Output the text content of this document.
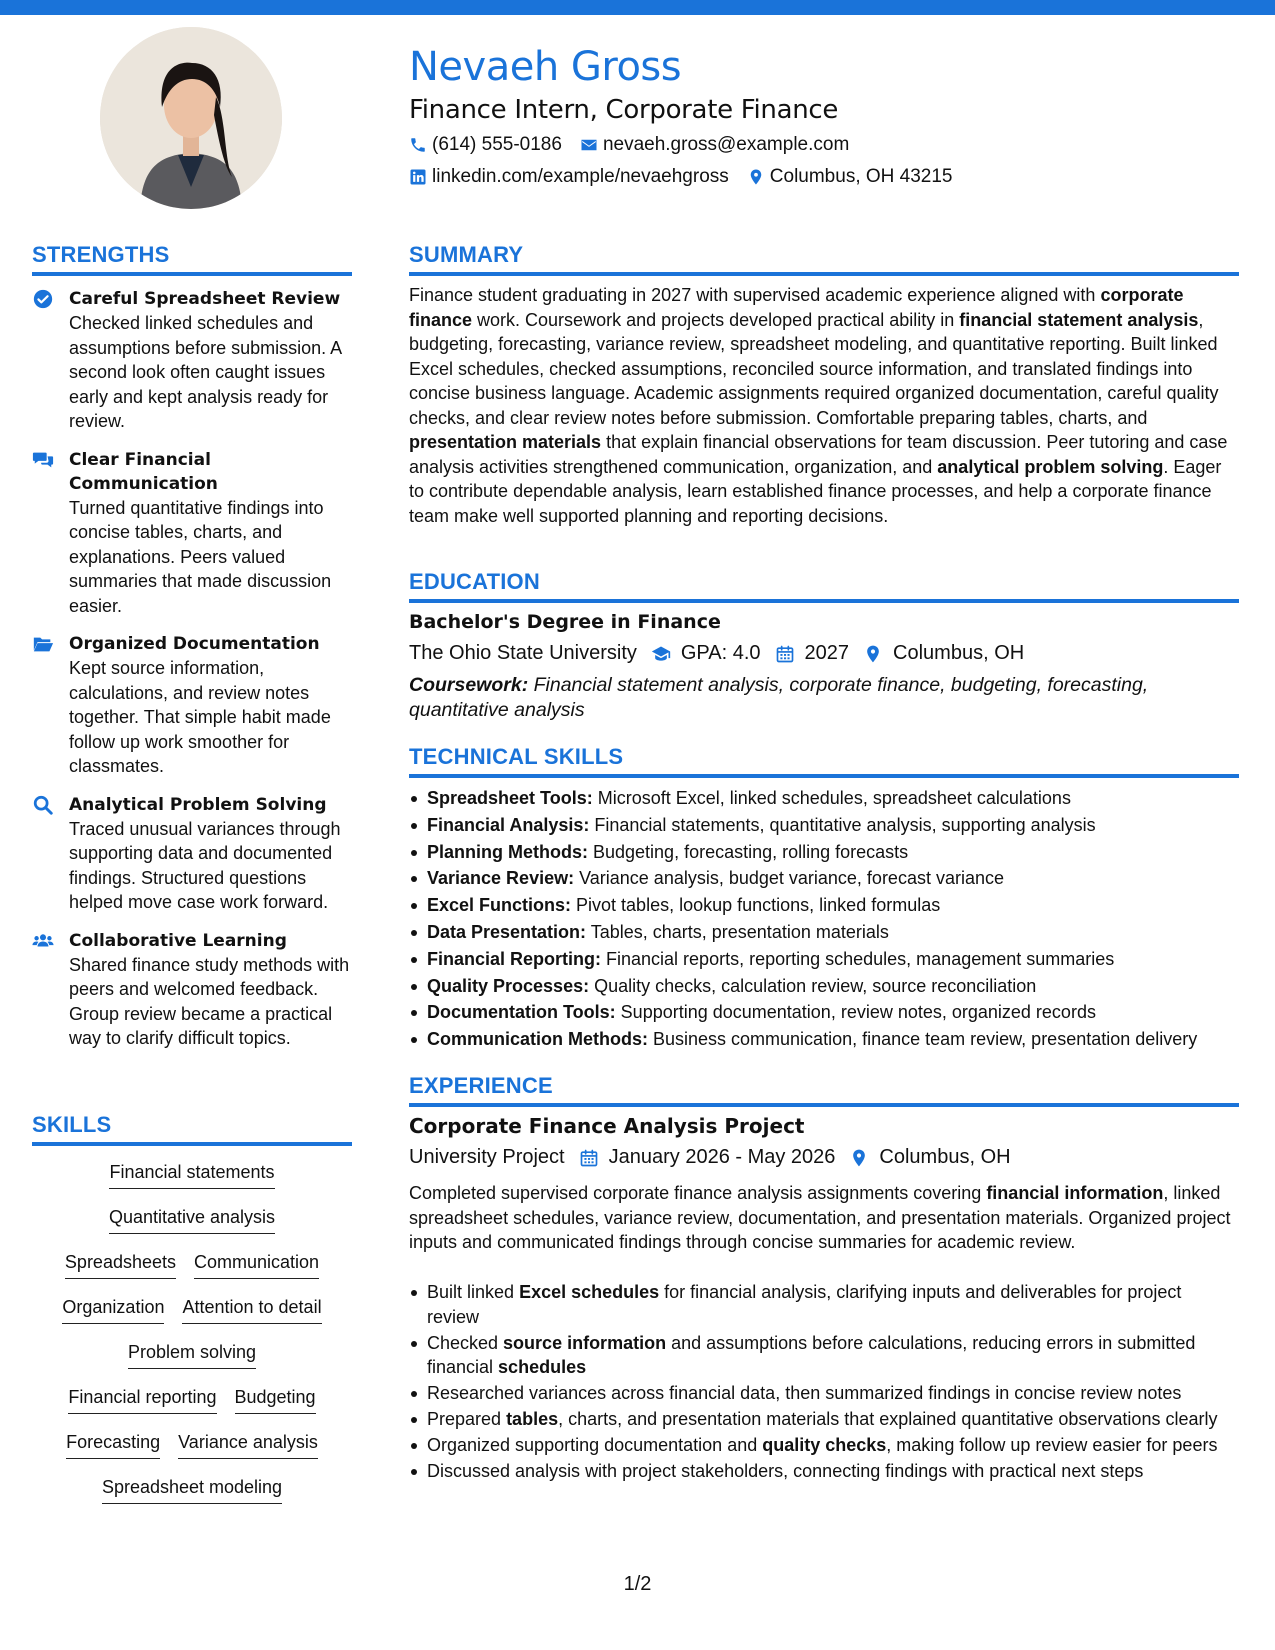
Nevaeh Gross
Finance Intern, Corporate Finance
(614) 555-0186 nevaeh.gross@example.com
linkedin.com/example/nevaehgross Columbus, OH 43215
STRENGTHS
Careful Spreadsheet Review
Checked linked schedules and assumptions before submission. A second look often caught issues early and kept analysis ready for review.
Clear Financial Communication
Turned quantitative findings into concise tables, charts, and explanations. Peers valued summaries that made discussion easier.
Organized Documentation
Kept source information, calculations, and review notes together. That simple habit made follow up work smoother for classmates.
Analytical Problem Solving
Traced unusual variances through supporting data and documented findings. Structured questions helped move case work forward.
Collaborative Learning
Shared finance study methods with peers and welcomed feedback. Group review became a practical way to clarify difficult topics.
SKILLS
Financial statements
Quantitative analysis
Spreadsheets Communication
Organization Attention to detail
Problem solving
Financial reporting Budgeting
Forecasting Variance analysis
Spreadsheet modeling
SUMMARY
Finance student graduating in 2027 with supervised academic experience aligned with corporate finance work. Coursework and projects developed practical ability in financial statement analysis, budgeting, forecasting, variance review, spreadsheet modeling, and quantitative reporting. Built linked Excel schedules, checked assumptions, reconciled source information, and translated findings into concise business language. Academic assignments required organized documentation, careful quality checks, and clear review notes before submission. Comfortable preparing tables, charts, and presentation materials that explain financial observations for team discussion. Peer tutoring and case analysis activities strengthened communication, organization, and analytical problem solving. Eager to contribute dependable analysis, learn established finance processes, and help a corporate finance team make well supported planning and reporting decisions.
EDUCATION
Bachelor's Degree in Finance
The Ohio State University GPA: 4.0 2027 Columbus, OH
Coursework: Financial statement analysis, corporate finance, budgeting, forecasting, quantitative analysis
TECHNICAL SKILLS
Spreadsheet Tools: Microsoft Excel, linked schedules, spreadsheet calculations
Financial Analysis: Financial statements, quantitative analysis, supporting analysis
Planning Methods: Budgeting, forecasting, rolling forecasts
Variance Review: Variance analysis, budget variance, forecast variance
Excel Functions: Pivot tables, lookup functions, linked formulas
Data Presentation: Tables, charts, presentation materials
Financial Reporting: Financial reports, reporting schedules, management summaries
Quality Processes: Quality checks, calculation review, source reconciliation
Documentation Tools: Supporting documentation, review notes, organized records
Communication Methods: Business communication, finance team review, presentation delivery
EXPERIENCE
Corporate Finance Analysis Project
University Project January 2026 - May 2026 Columbus, OH
Completed supervised corporate finance analysis assignments covering financial information, linked spreadsheet schedules, variance review, documentation, and presentation materials. Organized project inputs and communicated findings through concise summaries for academic review.
Built linked Excel schedules for financial analysis, clarifying inputs and deliverables for project review
Checked source information and assumptions before calculations, reducing errors in submitted financial schedules
Researched variances across financial data, then summarized findings in concise review notes
Prepared tables, charts, and presentation materials that explained quantitative observations clearly
Organized supporting documentation and quality checks, making follow up review easier for peers
Discussed analysis with project stakeholders, connecting findings with practical next steps
1/2
